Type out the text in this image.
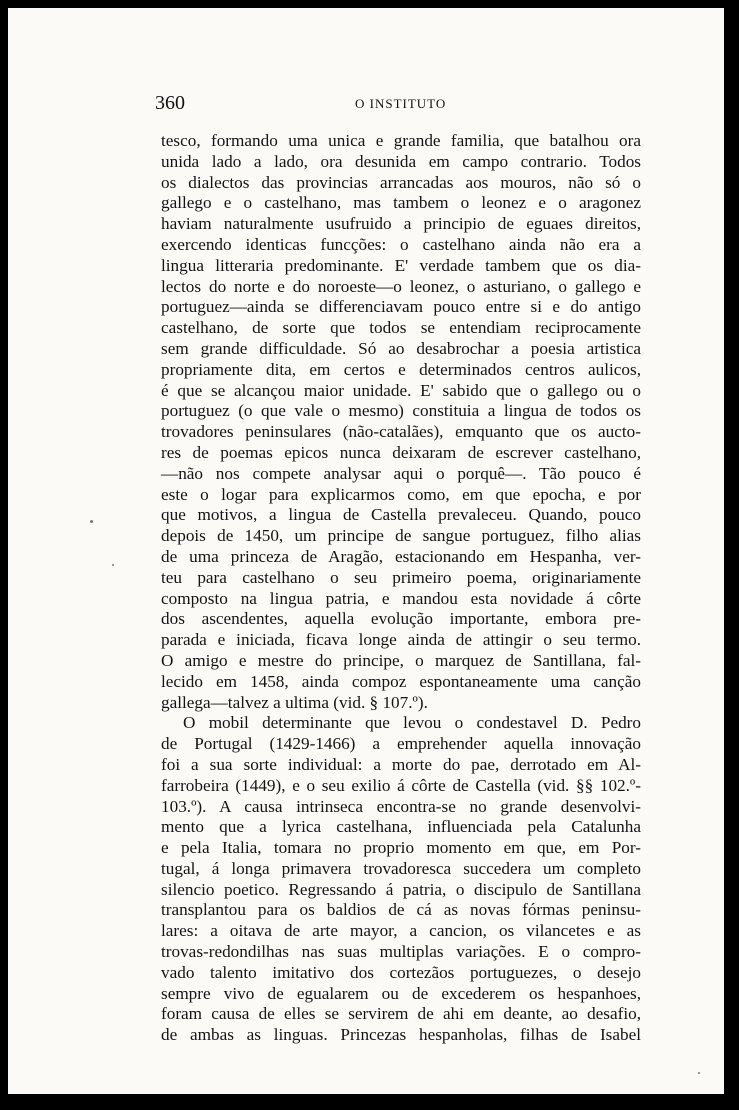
360	O INSTITUTO
tesco, formando uma unica e grande familia, que batalhou ora
unida lado a lado, ora desunida em campo contrario. Todos
os dialectos das provincias arrancadas aos mouros, não só o
gallego e o castelhano, mas tambem o leonez e o aragonez
haviam naturalmente usufruido a principio de eguaes direitos,
exercendo identicas funcções: o castelhano ainda não era a
lingua litteraria predominante. E' verdade tambem que os dia-
lectos do norte e do noroeste—o leonez, o asturiano, o gallego e
portuguez—ainda se differenciavam pouco entre si e do antigo
castelhano, de sorte que todos se entendiam reciprocamente
sem grande difficuldade. Só ao desabrochar a poesia artistica
propriamente dita, em certos e determinados centros aulicos,
é que se alcançou maior unidade. E' sabido que o gallego ou o
portuguez (o que vale o mesmo) constituia a lingua de todos os
trovadores peninsulares (não-catalães), emquanto que os aucto-
res de poemas epicos nunca deixaram de escrever castelhano,
—não nos compete analysar aqui o porquê—. Tão pouco é
este o logar para explicarmos como, em que epocha, e por
que motivos, a lingua de Castella prevaleceu. Quando, pouco
depois de 1450, um principe de sangue portuguez, filho alias
de uma princeza de Aragão, estacionando em Hespanha, ver-
teu para castelhano o seu primeiro poema, originariamente
composto na lingua patria, e mandou esta novidade á côrte
dos ascendentes, aquella evolução importante, embora pre-
parada e iniciada, ficava longe ainda de attingir o seu termo.
O amigo e mestre do principe, o marquez de Santillana, fal-
lecido em 1458, ainda compoz espontaneamente uma canção
gallega—talvez a ultima (vid. § 107.º).
O mobil determinante que levou o condestavel D. Pedro
de Portugal (1429-1466) a emprehender aquella innovação
foi a sua sorte individual: a morte do pae, derrotado em Al-
farrobeira (1449), e o seu exilio á côrte de Castella (vid. §§ 102.º-
103.º). A causa intrinseca encontra-se no grande desenvolvi-
mento que a lyrica castelhana, influenciada pela Catalunha
e pela Italia, tomara no proprio momento em que, em Por-
tugal, á longa primavera trovadoresca succedera um completo
silencio poetico. Regressando á patria, o discipulo de Santillana
transplantou para os baldios de cá as novas fórmas peninsu-
lares: a oitava de arte mayor, a cancion, os vilancetes e as
trovas-redondilhas nas suas multiplas variações. E o compro-
vado talento imitativo dos cortezãos portuguezes, o desejo
sempre vivo de egualarem ou de excederem os hespanhoes,
foram causa de elles se servirem de ahi em deante, ao desafio,
de ambas as linguas. Princezas hespanholas, filhas de Isabel
